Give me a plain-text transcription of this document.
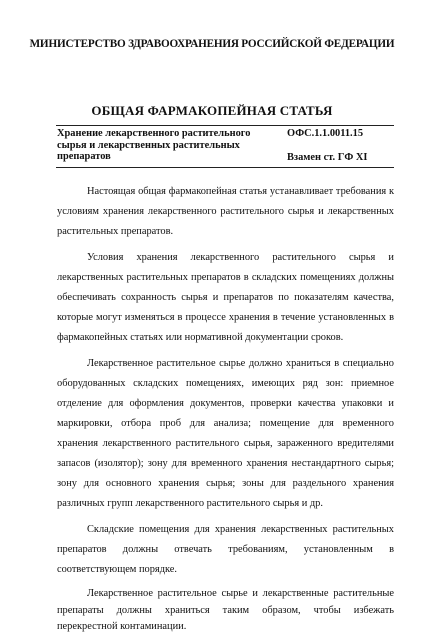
МИНИСТЕРСТВО ЗДРАВООХРАНЕНИЯ РОССИЙСКОЙ ФЕДЕРАЦИИ
ОБЩАЯ ФАРМАКОПЕЙНАЯ СТАТЬЯ
Хранение лекарственного растительного сырья и лекарственных растительных препаратов
ОФС.1.1.0011.15
Взамен ст. ГФ XI

Настоящая общая фармакопейная статья устанавливает требования к условиям хранения лекарственного растительного сырья и лекарственных растительных препаратов.

Условия хранения лекарственного растительного сырья и лекарственных растительных препаратов в складских помещениях должны обеспечивать сохранность сырья и препаратов по показателям качества, которые могут изменяться в процессе хранения в течение установленных в фармакопейных статьях или нормативной документации сроков.

Лекарственное растительное сырье должно храниться в специально оборудованных складских помещениях, имеющих ряд зон: приемное отделение для оформления документов, проверки качества упаковки и маркировки, отбора проб для анализа; помещение для временного хранения лекарственного растительного сырья, зараженного вредителями запасов (изолятор); зону для временного хранения нестандартного сырья; зону для основного хранения сырья; зоны для раздельного хранения различных групп лекарственного растительного сырья и др.

Складские помещения для хранения лекарственных растительных препаратов должны отвечать требованиям, установленным в соответствующем порядке.

Лекарственное растительное сырье и лекарственные растительные препараты должны храниться таким образом, чтобы избежать перекрестной контаминации.
